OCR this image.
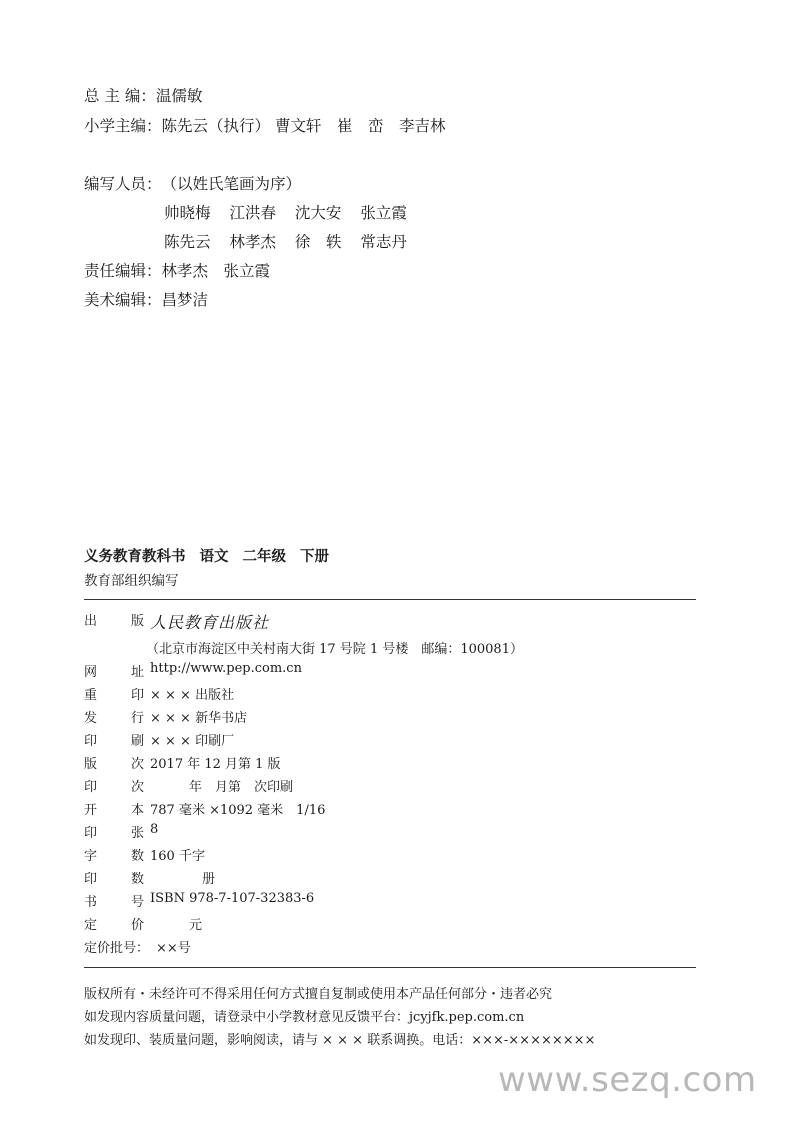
总 主 编：温儒敏
小学主编：陈先云（执行） 曹文轩　崔　峦　李吉林
编写人员：（以姓氏笔画为序）
帅晓梅 江洪春 沈大安 张立霞
陈先云 林孝杰 徐　轶 常志丹
责任编辑：林孝杰　张立霞
美术编辑：昌梦洁
义务教育教科书 语文 二年级 下册
教育部组织编写
出	版 人民教育出版社
（北京市海淀区中关村南大街 17 号院 1 号楼　邮编：100081）
网	址 http://www.pep.com.cn
重	印 × × × 出版社
发	行 × × × 新华书店
印	刷 × × × 印刷厂
版	次 2017 年 12 月第 1 版
印	次 　　　年　月第　次印刷
开	本 787 毫米 ×1092 毫米　1/16
印	张 8
字	数 160 千字
印	数 　　　　册
书	号 ISBN 978-7-107-32383-6
定	价 　　　元
定价批号： ××号
版权所有・未经许可不得采用任何方式擅自复制或使用本产品任何部分・违者必究
如发现内容质量问题，请登录中小学教材意见反馈平台：jcyjfk.pep.com.cn
如发现印、装质量问题，影响阅读，请与 × × × 联系调换。电话：×××-××××××××
www.sezq.com
